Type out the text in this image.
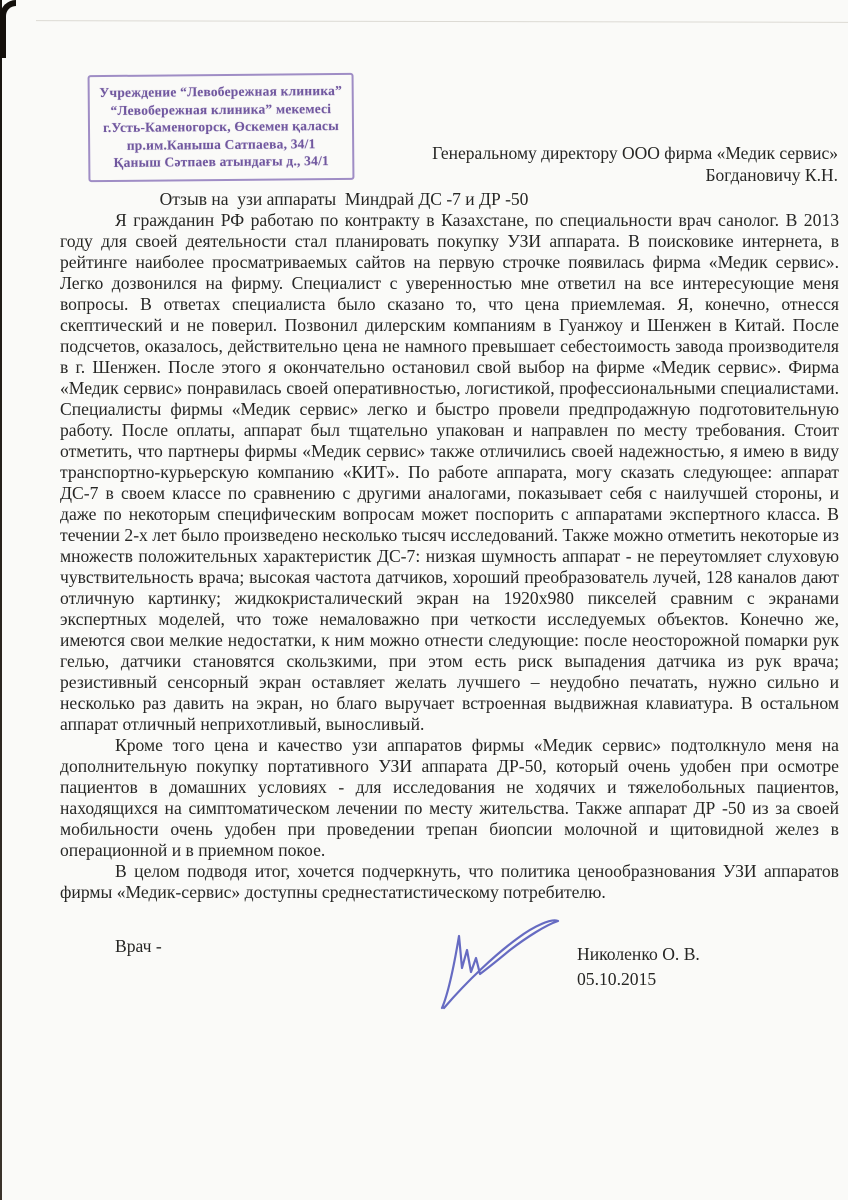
Учреждение “Левобережная клиника”
“Левобережная клиника” мекемесі
г.Усть-Каменогорск, Өскемен қаласы
пр.им.Каныша Сатпаева, 34/1
Қаныш Сәтпаев атындағы д., 34/1	Генеральному директору ООО фирма «Медик сервис»
Богдановичу К.Н.
Отзыв на  узи аппараты  Миндрай ДС -7 и ДР -50

Я гражданин РФ работаю по контракту в Казахстане, по специальности врач санолог. В 2013 году для своей деятельности стал планировать покупку УЗИ аппарата. В поисковике интернета, в рейтинге наиболее просматриваемых сайтов на первую строчке появилась фирма «Медик сервис». Легко дозвонился на фирму. Специалист с уверенностью мне ответил на все интересующие меня вопросы. В ответах специалиста было сказано то, что цена приемлемая. Я, конечно, отнесся скептический и не поверил. Позвонил дилерским компаниям в Гуанжоу и Шенжен в Китай. После подсчетов, оказалось, действительно цена не намного превышает себестоимость завода производителя в г. Шенжен. После этого я окончательно остановил свой выбор на фирме «Медик сервис». Фирма «Медик сервис» понравилась своей оперативностью, логистикой, профессиональными специалистами. Специалисты фирмы «Медик сервис» легко и быстро провели предпродажную подготовительную работу. После оплаты, аппарат был тщательно упакован и направлен по месту требования. Стоит отметить, что партнеры фирмы «Медик сервис» также отличились своей надежностью, я имею в виду транспортно-курьерскую компанию «КИТ». По работе аппарата, могу сказать следующее: аппарат ДС-7 в своем классе по сравнению с другими аналогами, показывает себя с наилучшей стороны, и даже по некоторым специфическим вопросам может поспорить с аппаратами экспертного класса. В течении 2-х лет было произведено несколько тысяч исследований. Также можно отметить некоторые из множеств положительных характеристик ДС-7: низкая шумность аппарат - не переутомляет слуховую чувствительность врача; высокая частота датчиков, хороший преобразователь лучей, 128 каналов дают отличную картинку; жидкокристалический экран на 1920х980 пикселей сравним с экранами экспертных моделей, что тоже немаловажно при четкости исследуемых объектов. Конечно же, имеются свои мелкие недостатки, к ним можно отнести следующие: после неосторожной помарки рук гелью, датчики становятся скользкими, при этом есть риск выпадения датчика из рук врача; резистивный сенсорный экран оставляет желать лучшего – неудобно печатать, нужно сильно и несколько раз давить на экран, но благо выручает встроенная выдвижная клавиатура. В остальном аппарат отличный неприхотливый, выносливый.

Кроме того цена и качество узи аппаратов фирмы «Медик сервис» подтолкнуло меня на дополнительную покупку портативного УЗИ аппарата ДР-50, который очень удобен при осмотре пациентов в домашних условиях - для исследования не ходячих и тяжелобольных пациентов, находящихся на симптоматическом лечении по месту жительства. Также аппарат ДР -50 из за своей мобильности очень удобен при проведении трепан биопсии молочной и щитовидной желез в операционной и в приемном покое.

В целом подводя итог, хочется подчеркнуть, что политика ценообразнования УЗИ аппаратов фирмы «Медик-сервис» доступны среднестатистическому потребителю.

Врач -	Николенко О. В.
05.10.2015
